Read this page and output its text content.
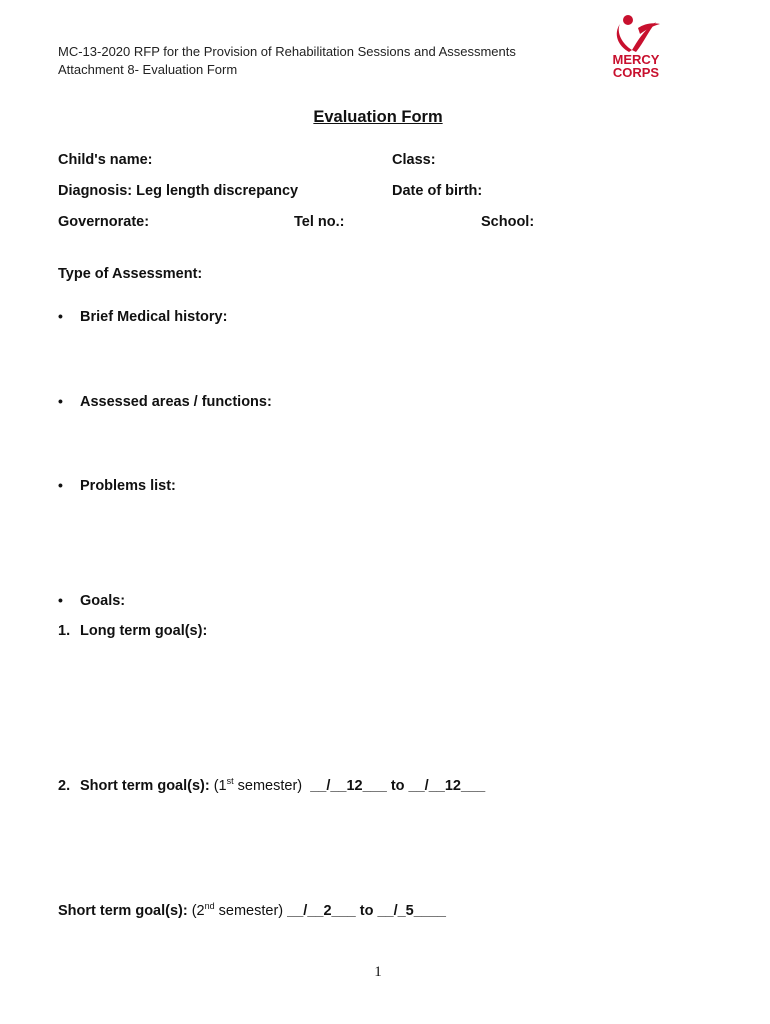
MC-13-2020 RFP for the Provision of Rehabilitation Sessions and Assessments
Attachment 8- Evaluation Form
MERCY
CORPS
Evaluation Form
Child's name:	Class:
Diagnosis: Leg length discrepancy	Date of birth:
Governorate:	Tel no.:	School:
Type of Assessment:
• Brief Medical history:
• Assessed areas / functions:
• Problems list:
• Goals:
1. Long term goal(s):
2. Short term goal(s): (1st semester)  __/__12___ to __/__12___
Short term goal(s): (2nd semester) __/__2___ to __/_5____
1
